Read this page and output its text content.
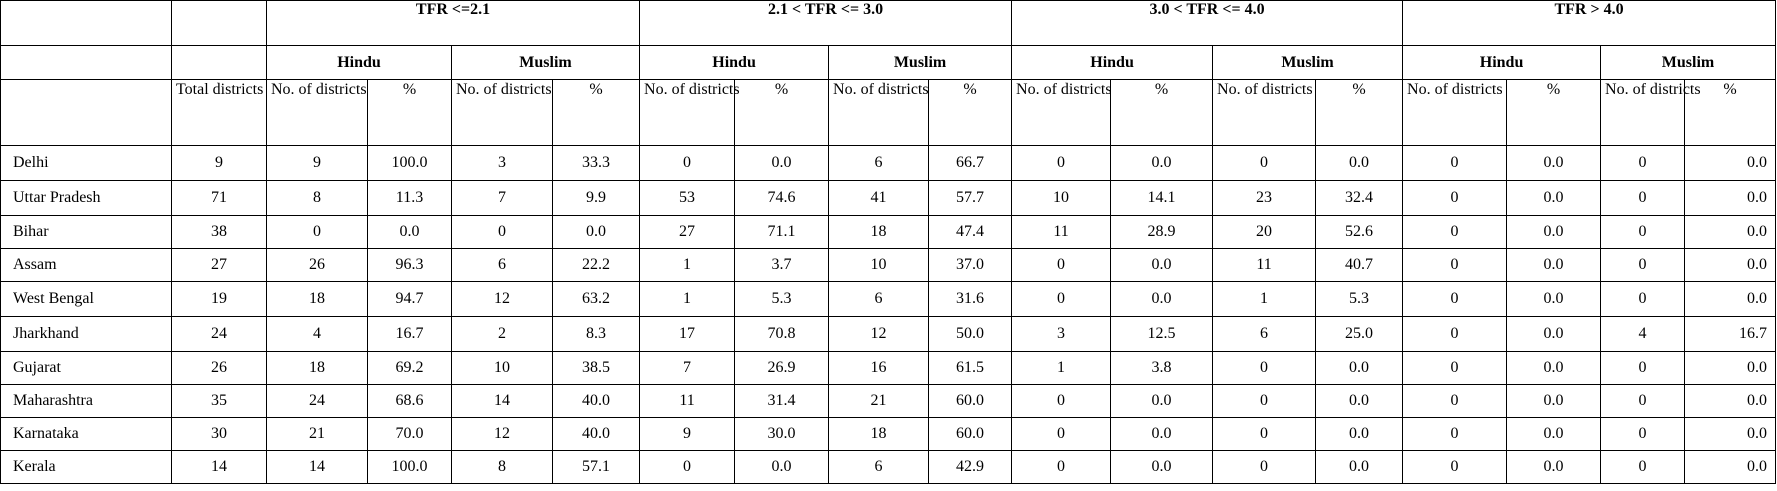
		TFR <=2.1				2.1 < TFR <= 3.0				3.0 < TFR <= 4.0				TFR > 4.0			
		Hindu		Muslim		Hindu		Muslim		Hindu		Muslim		Hindu		Muslim	
	Total districts	No. of districts	%	No. of districts	%	No. of districts	%	No. of districts	%	No. of districts	%	No. of districts	%	No. of districts	%	No. of districts	%
Delhi	9	9	100.0	3	33.3	0	0.0	6	66.7	0	0.0	0	0.0	0	0.0	0	0.0
Uttar Pradesh	71	8	11.3	7	9.9	53	74.6	41	57.7	10	14.1	23	32.4	0	0.0	0	0.0
Bihar	38	0	0.0	0	0.0	27	71.1	18	47.4	11	28.9	20	52.6	0	0.0	0	0.0
Assam	27	26	96.3	6	22.2	1	3.7	10	37.0	0	0.0	11	40.7	0	0.0	0	0.0
West Bengal	19	18	94.7	12	63.2	1	5.3	6	31.6	0	0.0	1	5.3	0	0.0	0	0.0
Jharkhand	24	4	16.7	2	8.3	17	70.8	12	50.0	3	12.5	6	25.0	0	0.0	4	16.7
Gujarat	26	18	69.2	10	38.5	7	26.9	16	61.5	1	3.8	0	0.0	0	0.0	0	0.0
Maharashtra	35	24	68.6	14	40.0	11	31.4	21	60.0	0	0.0	0	0.0	0	0.0	0	0.0
Karnataka	30	21	70.0	12	40.0	9	30.0	18	60.0	0	0.0	0	0.0	0	0.0	0	0.0
Kerala	14	14	100.0	8	57.1	0	0.0	6	42.9	0	0.0	0	0.0	0	0.0	0	0.0
